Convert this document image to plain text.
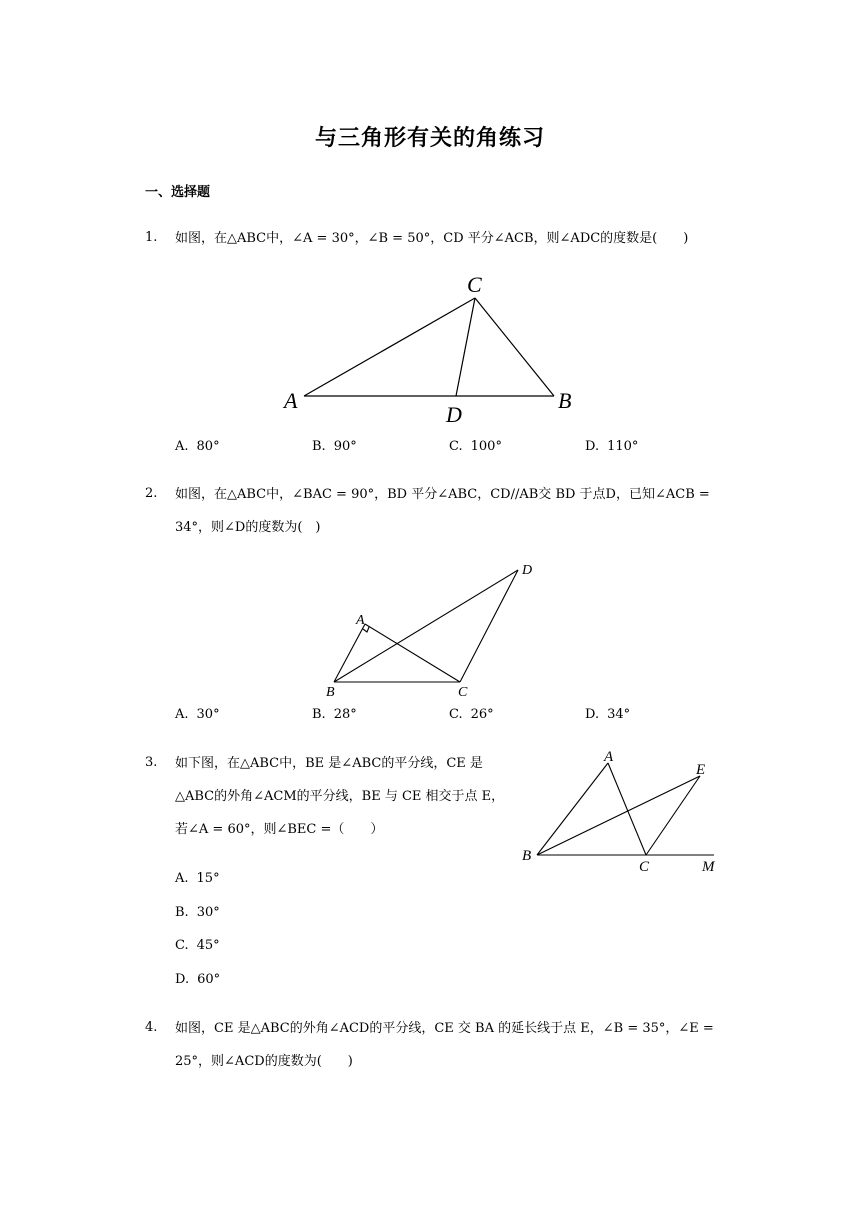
与三角形有关的角练习
一、选择题
1. 如图，在△ABC中，∠A = 30°，∠B = 50°，CD 平分∠ACB，则∠ADC的度数是(　　)
A	B
C
D
A. 80°	B. 90°	C. 100°	D. 110°
2. 如图，在△ABC中，∠BAC = 90°，BD 平分∠ABC，CD//AB交 BD 于点D，已知∠ACB = 34°，则∠D的度数为(　)
A
B	C
D
A. 30°	B. 28°	C. 26°	D. 34°
3. 如下图，在△ABC中，BE 是∠ABC的平分线，CE 是△ABC的外角∠ACM的平分线，BE 与 CE 相交于点 E，若∠A = 60°，则∠BEC =（　　）
A
B
C
E
M
A. 15°
B. 30°
C. 45°
D. 60°
4. 如图，CE 是△ABC的外角∠ACD的平分线，CE 交 BA 的延长线于点 E，∠B = 35°，∠E = 25°，则∠ACD的度数为(　　)
